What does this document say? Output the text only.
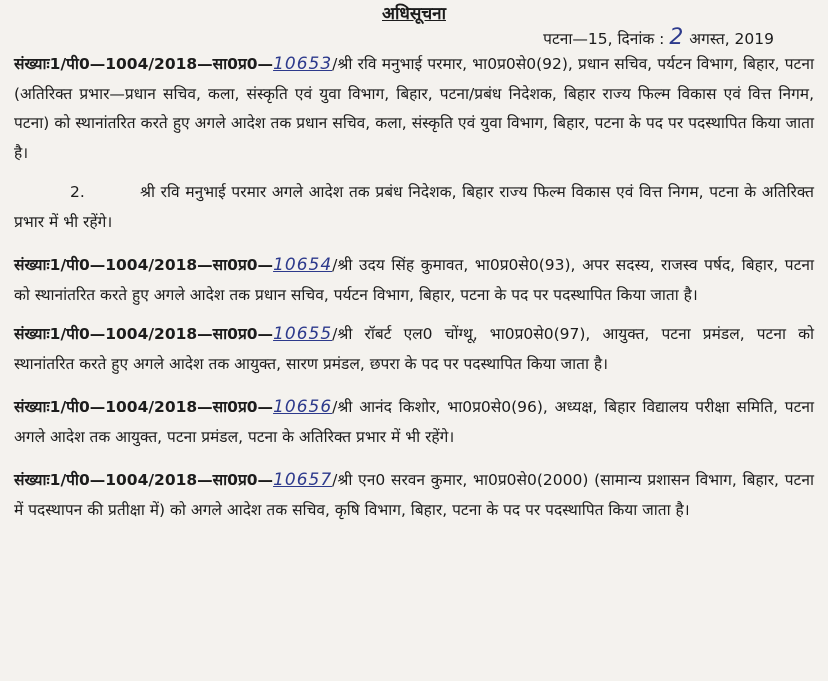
अधिसूचना
पटना—15, दिनांक : 2 अगस्त, 2019

संख्याः1/पी0—1004/2018—सा0प्र0—10653/श्री रवि मनुभाई परमार, भा0प्र0से0(92), प्रधान सचिव, पर्यटन विभाग, बिहार, पटना (अतिरिक्त प्रभार—प्रधान सचिव, कला, संस्कृति एवं युवा विभाग, बिहार, पटना/प्रबंध निदेशक, बिहार राज्य फिल्म विकास एवं वित्त निगम, पटना) को स्थानांतरित करते हुए अगले आदेश तक प्रधान सचिव, कला, संस्कृति एवं युवा विभाग, बिहार, पटना के पद पर पदस्थापित किया जाता है।

2.	श्री रवि मनुभाई परमार अगले आदेश तक प्रबंध निदेशक, बिहार राज्य फिल्म विकास एवं वित्त निगम, पटना के अतिरिक्त प्रभार में भी रहेंगे।

संख्याः1/पी0—1004/2018—सा0प्र0—10654/श्री उदय सिंह कुमावत, भा0प्र0से0(93), अपर सदस्य, राजस्व पर्षद, बिहार, पटना को स्थानांतरित करते हुए अगले आदेश तक प्रधान सचिव, पर्यटन विभाग, बिहार, पटना के पद पर पदस्थापित किया जाता है।

संख्याः1/पी0—1004/2018—सा0प्र0—10655/श्री रॉबर्ट एल0 चोंग्थू, भा0प्र0से0(97), आयुक्त, पटना प्रमंडल, पटना को स्थानांतरित करते हुए अगले आदेश तक आयुक्त, सारण प्रमंडल, छपरा के पद पर पदस्थापित किया जाता है।

संख्याः1/पी0—1004/2018—सा0प्र0—10656/श्री आनंद किशोर, भा0प्र0से0(96), अध्यक्ष, बिहार विद्यालय परीक्षा समिति, पटना अगले आदेश तक आयुक्त, पटना प्रमंडल, पटना के अतिरिक्त प्रभार में भी रहेंगे।

संख्याः1/पी0—1004/2018—सा0प्र0—10657/श्री एन0 सरवन कुमार, भा0प्र0से0(2000) (सामान्य प्रशासन विभाग, बिहार, पटना में पदस्थापन की प्रतीक्षा में) को अगले आदेश तक सचिव, कृषि विभाग, बिहार, पटना के पद पर पदस्थापित किया जाता है।
